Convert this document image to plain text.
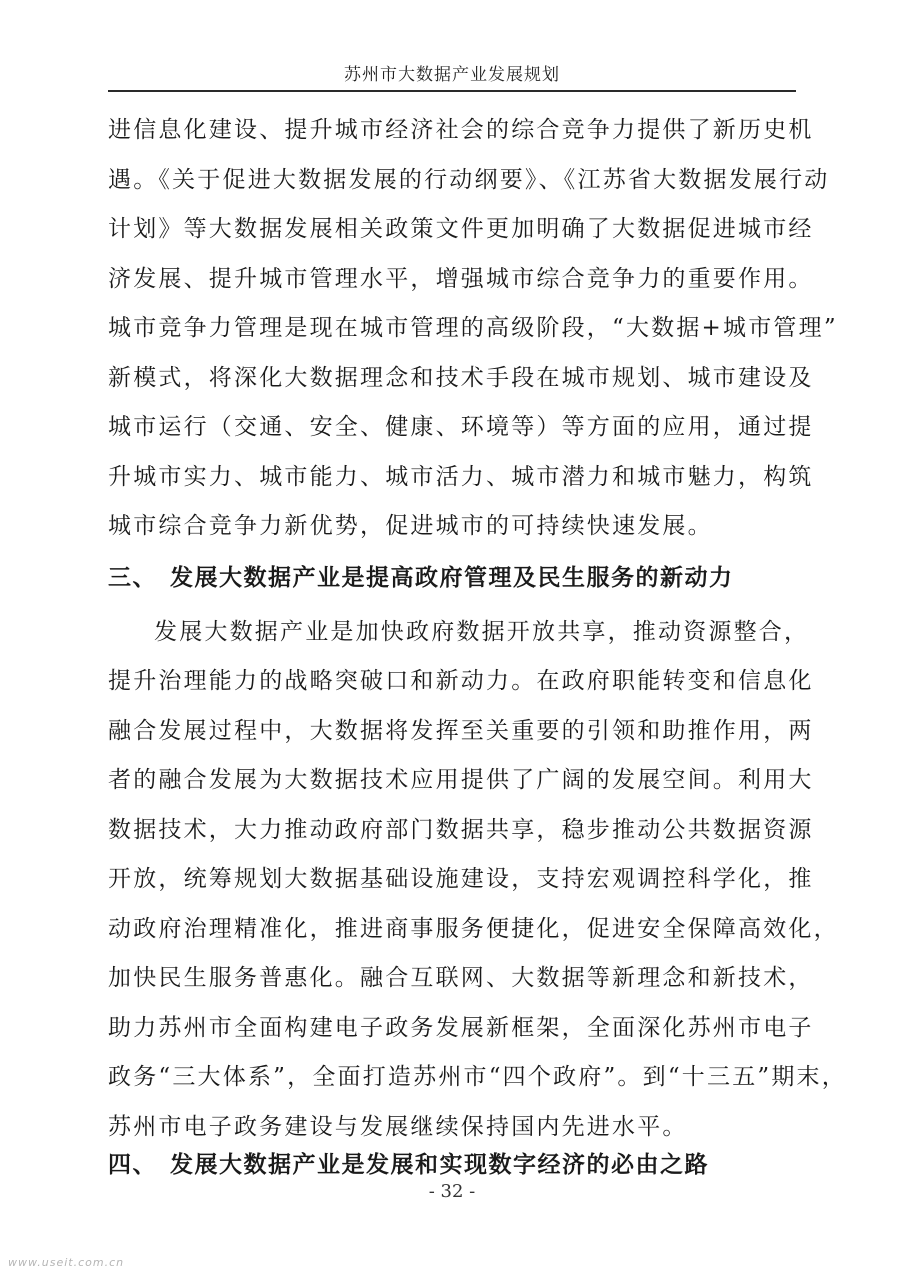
苏州市大数据产业发展规划
进信息化建设、提升城市经济社会的综合竞争力提供了新历史机
遇。《关于促进大数据发展的行动纲要》、《江苏省大数据发展行动
计划》等大数据发展相关政策文件更加明确了大数据促进城市经
济发展、提升城市管理水平，增强城市综合竞争力的重要作用。
城市竞争力管理是现在城市管理的高级阶段，“大数据+城市管理”
新模式，将深化大数据理念和技术手段在城市规划、城市建设及
城市运行（交通、安全、健康、环境等）等方面的应用，通过提
升城市实力、城市能力、城市活力、城市潜力和城市魅力，构筑
城市综合竞争力新优势，促进城市的可持续快速发展。
三、 发展大数据产业是提高政府管理及民生服务的新动力
发展大数据产业是加快政府数据开放共享，推动资源整合，
提升治理能力的战略突破口和新动力。在政府职能转变和信息化
融合发展过程中，大数据将发挥至关重要的引领和助推作用，两
者的融合发展为大数据技术应用提供了广阔的发展空间。利用大
数据技术，大力推动政府部门数据共享，稳步推动公共数据资源
开放，统筹规划大数据基础设施建设，支持宏观调控科学化，推
动政府治理精准化，推进商事服务便捷化，促进安全保障高效化，
加快民生服务普惠化。融合互联网、大数据等新理念和新技术，
助力苏州市全面构建电子政务发展新框架，全面深化苏州市电子
政务“三大体系”，全面打造苏州市“四个政府”。到“十三五”期末，
苏州市电子政务建设与发展继续保持国内先进水平。
四、 发展大数据产业是发展和实现数字经济的必由之路
- 32 -
www.useit.com.cn
